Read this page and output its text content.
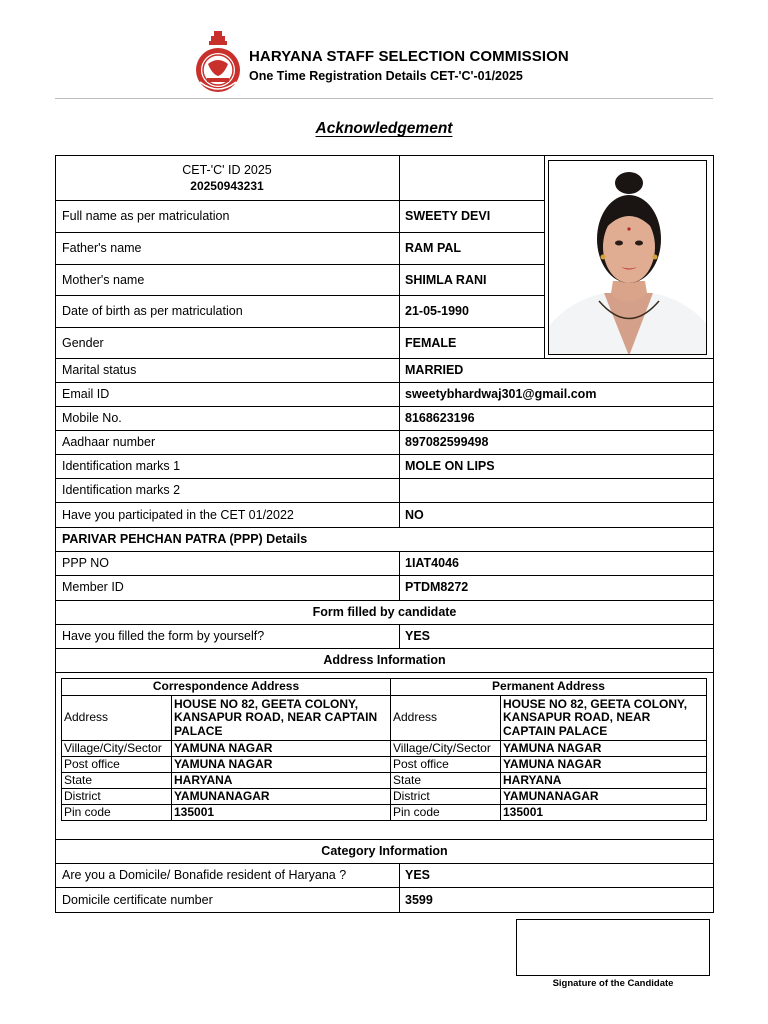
HARYANA STAFF SELECTION COMMISSION
One Time Registration Details CET-'C'-01/2025
Acknowledgement
CET-'C' ID 2025
20250943231
Correspondence Address		Permanent Address	
Address	HOUSE NO 82, GEETA COLONY, KANSAPUR ROAD, NEAR CAPTAIN PALACE	Address	HOUSE NO 82, GEETA COLONY, KANSAPUR ROAD, NEAR CAPTAIN PALACE
Village/City/Sector	YAMUNA NAGAR	Village/City/Sector	YAMUNA NAGAR
Post office	YAMUNA NAGAR	Post office	YAMUNA NAGAR
State	HARYANA	State	HARYANA
District	YAMUNANAGAR	District	YAMUNANAGAR
Pin code	135001	Pin code	135001
Signature of the Candidate
Full name as per matriculation	SWEETY DEVI
Father's name	RAM PAL
Mother's name	SHIMLA RANI
Date of birth as per matriculation	21-05-1990
Gender	FEMALE
Marital status	MARRIED
Email ID	sweetybhardwaj301@gmail.com
Mobile No.	8168623196
Aadhaar number	897082599498
Identification marks 1	MOLE ON LIPS
Identification marks 2
Have you participated in the CET 01/2022	NO
PARIVAR PEHCHAN PATRA (PPP) Details
PPP NO	1IAT4046
Member ID	PTDM8272
Form filled by candidate
Have you filled the form by yourself?	YES
Address Information
Category Information
Are you a Domicile/ Bonafide resident of Haryana ?	YES
Domicile certificate number	3599
